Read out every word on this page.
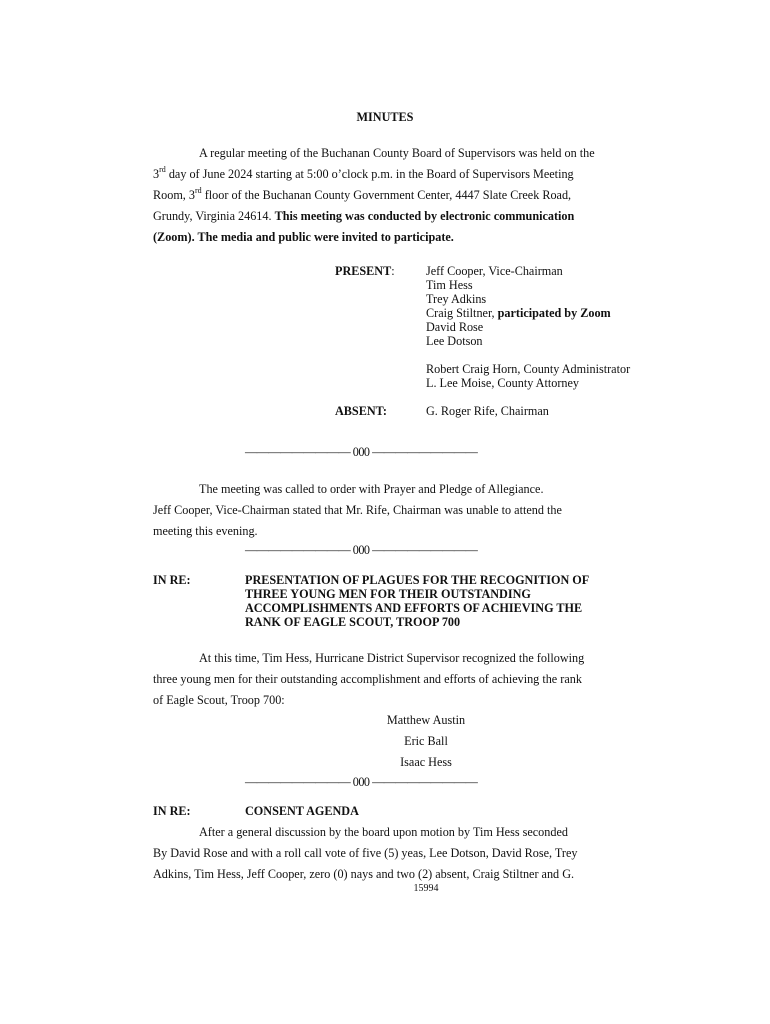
MINUTES
A regular meeting of the Buchanan County Board of Supervisors was held on the
3rd day of June 2024 starting at 5:00 o’clock p.m. in the Board of Supervisors Meeting
Room, 3rd floor of the Buchanan County Government Center, 4447 Slate Creek Road,
Grundy, Virginia 24614. This meeting was conducted by electronic communication
(Zoom). The media and public were invited to participate.
PRESENT:	Jeff Cooper, Vice-Chairman
Tim Hess
Trey Adkins
Craig Stiltner, participated by Zoom
David Rose
Lee Dotson
Robert Craig Horn, County Administrator
L. Lee Moise, County Attorney
ABSENT:	G. Roger Rife, Chairman
————————— 000 —————————
The meeting was called to order with Prayer and Pledge of Allegiance.
Jeff Cooper, Vice-Chairman stated that Mr. Rife, Chairman was unable to attend the
meeting this evening.
————————— 000 —————————
IN RE:	PRESENTATION OF PLAGUES FOR THE RECOGNITION OF
THREE YOUNG MEN FOR THEIR OUTSTANDING
ACCOMPLISHMENTS AND EFFORTS OF ACHIEVING THE
RANK OF EAGLE SCOUT, TROOP 700
At this time, Tim Hess, Hurricane District Supervisor recognized the following
three young men for their outstanding accomplishment and efforts of achieving the rank
of Eagle Scout, Troop 700:
Matthew Austin
Eric Ball
Isaac Hess
————————— 000 —————————
IN RE:	CONSENT AGENDA
After a general discussion by the board upon motion by Tim Hess seconded
By David Rose and with a roll call vote of five (5) yeas, Lee Dotson, David Rose, Trey
Adkins, Tim Hess, Jeff Cooper, zero (0) nays and two (2) absent, Craig Stiltner and G.
15994
